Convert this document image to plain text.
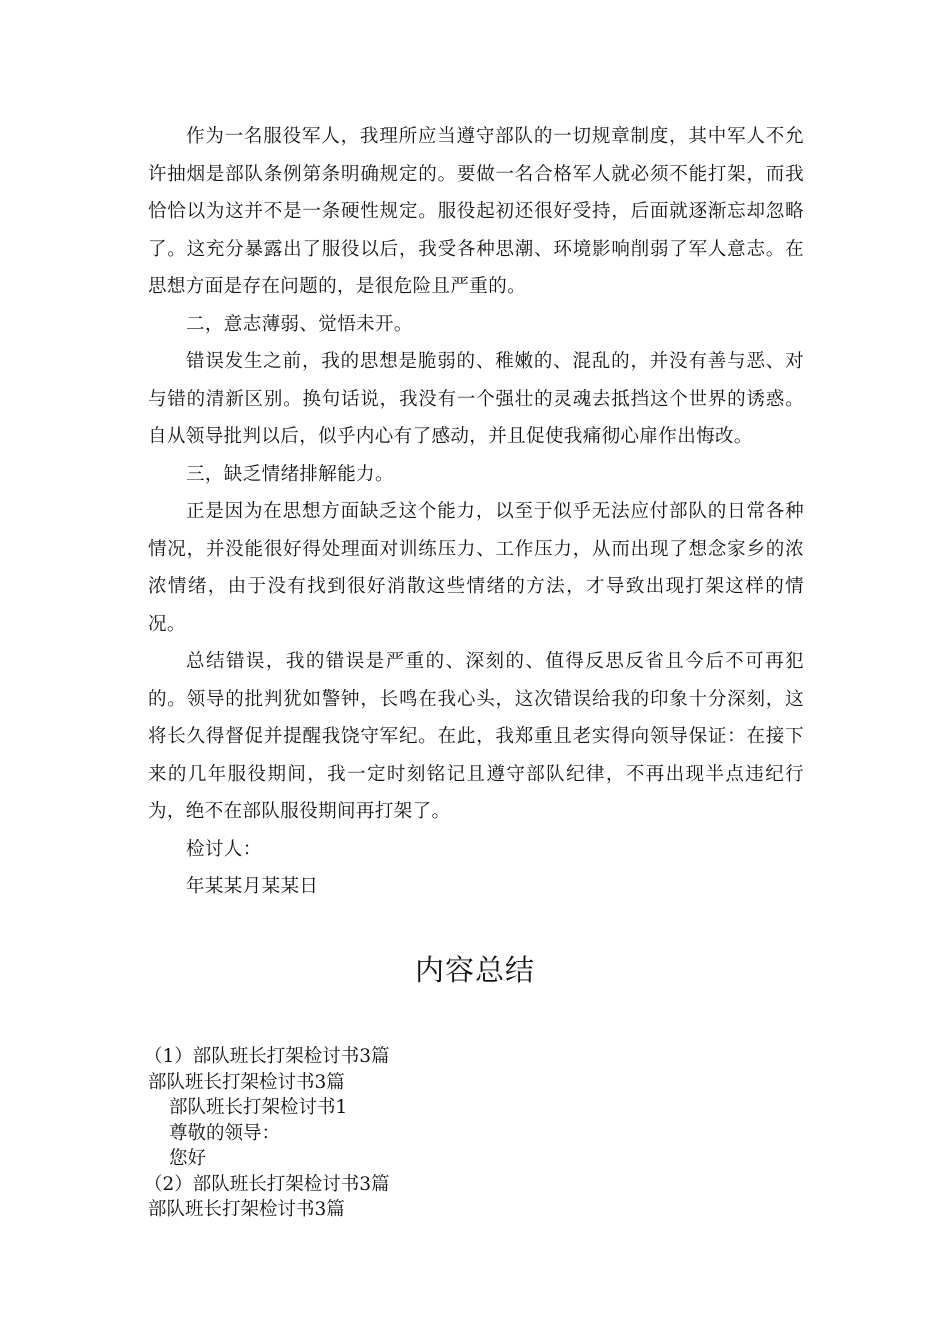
作为一名服役军人，我理所应当遵守部队的一切规章制度，其中军人不允许抽烟是部队条例第条明确规定的。要做一名合格军人就必须不能打架，而我恰恰以为这并不是一条硬性规定。服役起初还很好受持，后面就逐渐忘却忽略了。这充分暴露出了服役以后，我受各种思潮、环境影响削弱了军人意志。在思想方面是存在问题的，是很危险且严重的。

二，意志薄弱、觉悟未开。

错误发生之前，我的思想是脆弱的、稚嫩的、混乱的，并没有善与恶、对与错的清新区别。换句话说，我没有一个强壮的灵魂去抵挡这个世界的诱惑。自从领导批判以后，似乎内心有了感动，并且促使我痛彻心扉作出悔改。

三，缺乏情绪排解能力。

正是因为在思想方面缺乏这个能力，以至于似乎无法应付部队的日常各种情况，并没能很好得处理面对训练压力、工作压力，从而出现了想念家乡的浓浓情绪，由于没有找到很好消散这些情绪的方法，才导致出现打架这样的情况。

总结错误，我的错误是严重的、深刻的、值得反思反省且今后不可再犯的。领导的批判犹如警钟，长鸣在我心头，这次错误给我的印象十分深刻，这将长久得督促并提醒我饶守军纪。在此，我郑重且老实得向领导保证：在接下来的几年服役期间，我一定时刻铭记且遵守部队纪律，不再出现半点违纪行为，绝不在部队服役期间再打架了。

检讨人：

年某某月某某日

内容总结
（1）部队班长打架检讨书3篇
部队班长打架检讨书3篇
部队班长打架检讨书1
尊敬的领导：
您好
（2）部队班长打架检讨书3篇
部队班长打架检讨书3篇
